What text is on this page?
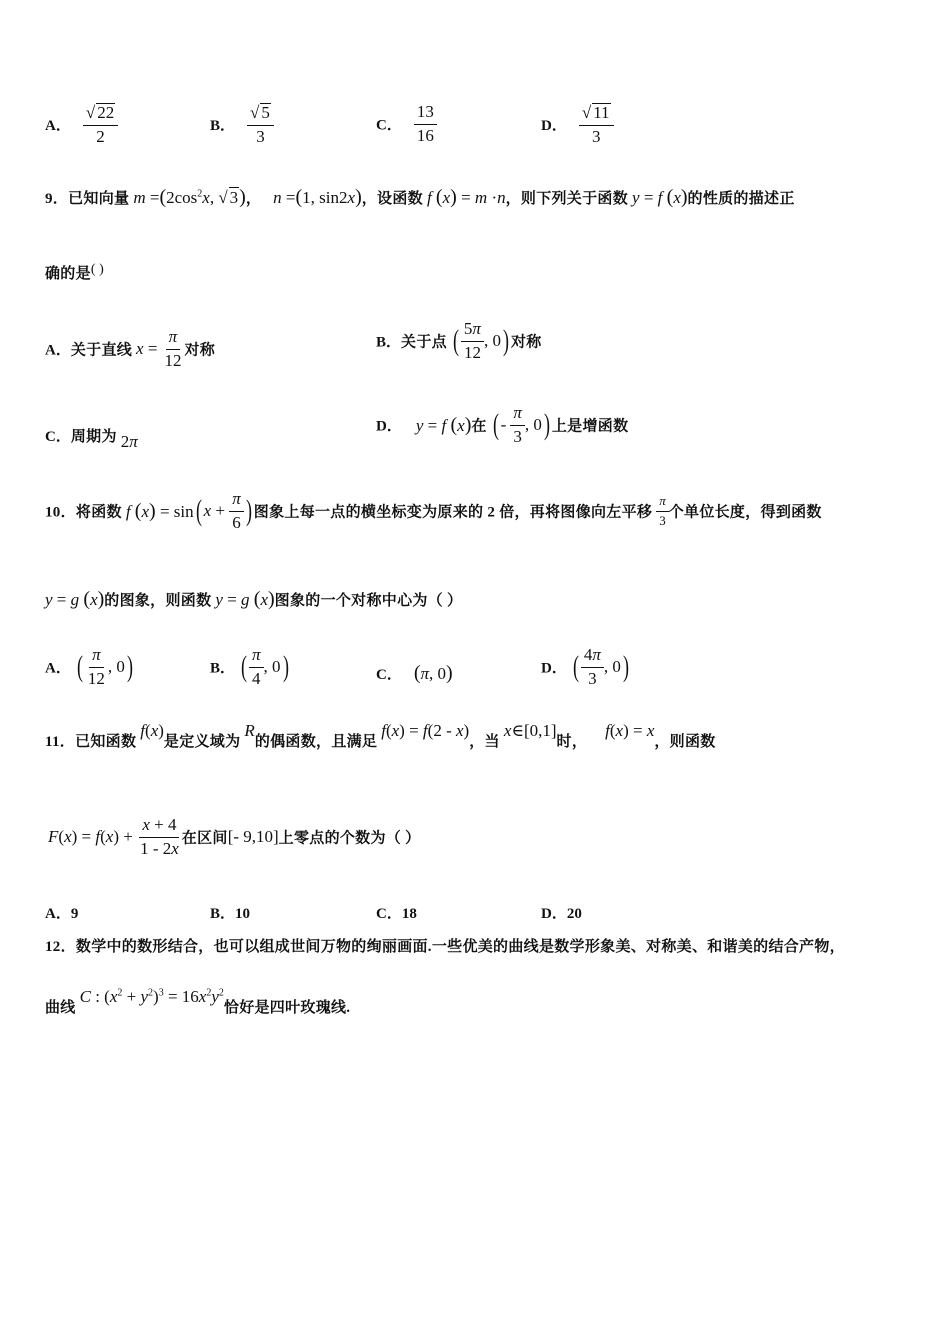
A． $\frac{√ 22}{2}$	B． $\frac{√ 5}{3}$	C． $\frac{13}{16}$	D． $\frac{√ 11}{3}$
9．已知向量 $m =(2\cos^2x$, √ 3)， n =(1, sin2x)，设函数 f (x) = m ·n，则下列关于函数 y = f (x)的性质的描述正
确的是( )
A．关于直线 $x = \frac{\pi}{12}$ 对称	B．关于点 ( $\frac{5\pi}{12}$ , 0) 对称
C．周期为 2π
D． y = f (x)在 ( - $\frac{\pi}{3}$ , 0) 上是增函数
10．将函数 f (x) = sin( $x + \frac{\pi}{6}$ ) 图象上每一点的横坐标变为原来的 2 倍，再将图像向左平移 $\frac{\pi}{3}$ 个单位长度，得到函数
y = g (x)的图象，则函数 y = g (x)图象的一个对称中心为（ ）
A． ( $\frac{\pi}{12}$ , 0)	B． ( $\frac{\pi}{4}$ , 0)	C． (π, 0)	D． ( $\frac{4\pi}{3}$ , 0)
11．已知函数 f(x)是定义域为 R的偶函数，且满足 f(x) = f(2 - x)，当 x∈[0,1]时， f(x) = x，则函数
$F(x) = f(x) + \frac{x + 4}{1 - 2x}$ 在区间[- 9,10]上零点的个数为（ ）
A．9	B．10	C．18	D．20
12．数学中的数形结合，也可以组成世间万物的绚丽画面.一些优美的曲线是数学形象美、对称美、和谐美的结合产物，
曲线 C : $(x^2 + y^2)^3 = 16x^2y^2$恰好是四叶玫瑰线.
